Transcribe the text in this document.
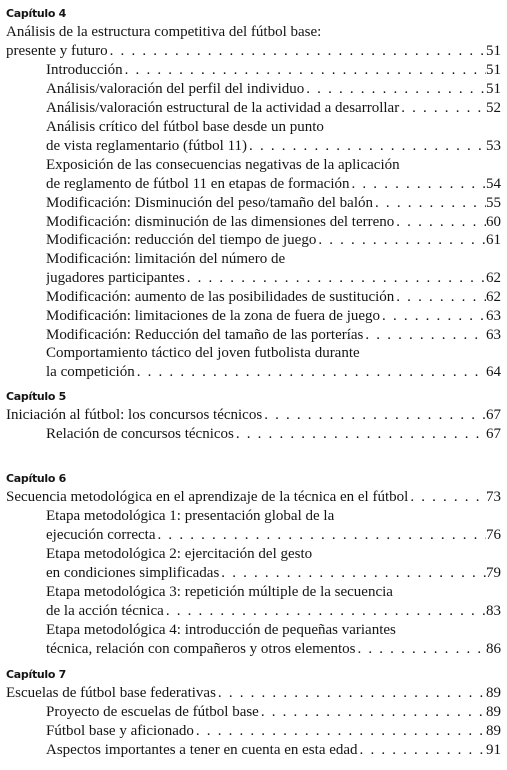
Capítulo 4
Análisis de la estructura competitiva del fútbol base:
presente y futuro . . .	51
Introducción . . .	51
Análisis/valoración del perfil del individuo . . .	51
Análisis/valoración estructural de la actividad a desarrollar . . .	52
Análisis crítico del fútbol base desde un punto
de vista reglamentario (fútbol 11) . . .	53
Exposición de las consecuencias negativas de la aplicación
de reglamento de fútbol 11 en etapas de formación . . .	54
Modificación: Disminución del peso/tamaño del balón . . .	55
Modificación: disminución de las dimensiones del terreno . . .	60
Modificación: reducción del tiempo de juego . . .	61
Modificación: limitación del número de
jugadores participantes . . .	62
Modificación: aumento de las posibilidades de sustitución . . .	62
Modificación: limitaciones de la zona de fuera de juego . . .	63
Modificación: Reducción del tamaño de las porterías . . .	63
Comportamiento táctico del joven futbolista durante
la competición . . .	64
Capítulo 5
Iniciación al fútbol: los concursos técnicos . . .	67
Relación de concursos técnicos . . .	67
Capítulo 6
Secuencia metodológica en el aprendizaje de la técnica en el fútbol . . .	73
Etapa metodológica 1: presentación global de la
ejecución correcta . . .	76
Etapa metodológica 2: ejercitación del gesto
en condiciones simplificadas . . .	79
Etapa metodológica 3: repetición múltiple de la secuencia
de la acción técnica . . .	83
Etapa metodológica 4: introducción de pequeñas variantes
técnica, relación con compañeros y otros elementos . . .	86
Capítulo 7
Escuelas de fútbol base federativas . . .	89
Proyecto de escuelas de fútbol base . . .	89
Fútbol base y aficionado . . .	89
Aspectos importantes a tener en cuenta en esta edad . . .	91
